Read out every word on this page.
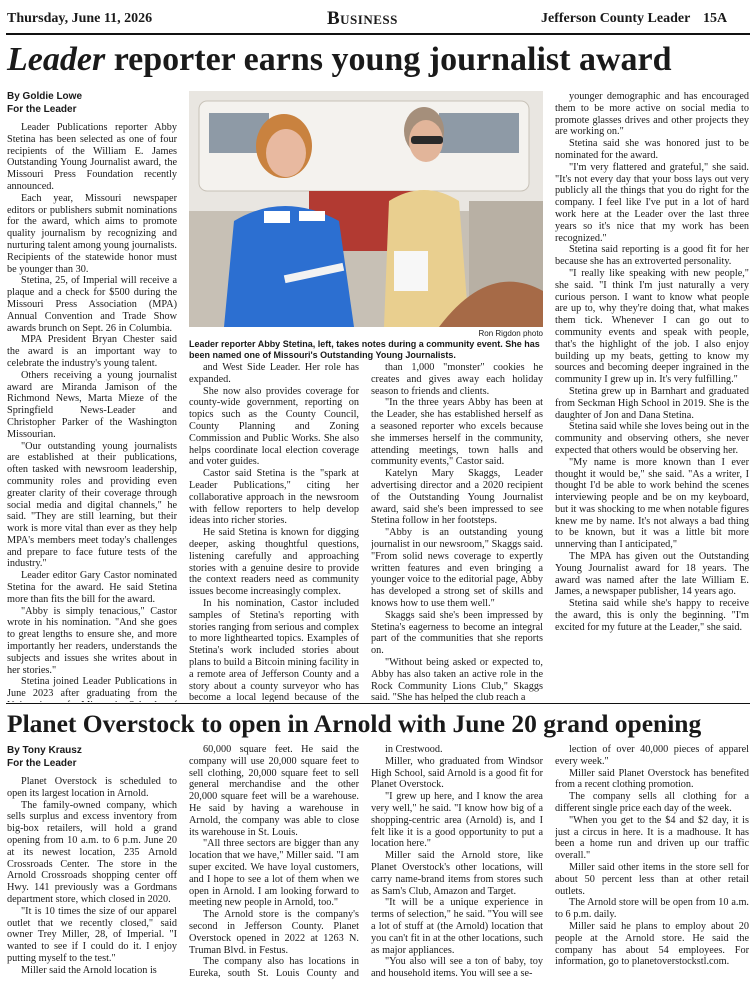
Thursday, June 11, 2026	Business	Jefferson County Leader 15A
Leader reporter earns young journalist award
By Goldie Lowe
For the Leader

Leader Publications reporter Abby Stetina has been selected as one of four recipients of the William E. James Outstanding Young Journalist award, the Missouri Press Foundation recently announced.

Each year, Missouri newspaper editors or publishers submit nominations for the award, which aims to promote quality journalism by recognizing and nurturing talent among young journalists. Recipients of the statewide honor must be younger than 30.

Stetina, 25, of Imperial will receive a plaque and a check for $500 during the Missouri Press Association (MPA) Annual Convention and Trade Show awards brunch on Sept. 26 in Columbia.

MPA President Bryan Chester said the award is an important way to celebrate the industry's young talent.

Others receiving a young journalist award are Miranda Jamison of the Richmond News, Marta Mieze of the Springfield News-Leader and Christopher Parker of the Washington Missourian.

"Our outstanding young journalists are established at their publications, often tasked with newsroom leadership, community roles and providing even greater clarity of their coverage through social media and digital channels," he said. "They are still learning, but their work is more vital than ever as they help MPA's members meet today's challenges and prepare to face future tests of the industry."

Leader editor Gary Castor nominated Stetina for the award. He said Stetina more than fits the bill for the award.

"Abby is simply tenacious," Castor wrote in his nomination. "And she goes to great lengths to ensure she, and more importantly her readers, understands the subjects and issues she writes about in her stories."

Stetina joined Leader Publications in June 2023 after graduating from the

Ron Rigdon photo
Leader reporter Abby Stetina, left, takes notes during a community event. She has been named one of Missouri's Outstanding Young Journalists.

and West Side Leader. Her role has expanded.

She now also provides coverage for county-wide government, reporting on topics such as the County Council, County Planning and Zoning Commission and Public Works. She also helps coordinate local election coverage and voter guides.

Castor said Stetina is the "spark at Leader Publications," citing her collaborative approach in the newsroom with fellow reporters to help develop ideas into richer stories.

He said Stetina is known for digging deeper, asking thoughtful questions, listening carefully and approaching stories with a genuine desire to provide the context readers need as community issues become increasingly complex.

In his nomination, Castor included samples of Stetina's reporting with stories ranging from serious and complex to more lighthearted topics. Examples of Stetina's work included stories about plans to build a Bitcoin mining facility in a remote area of Jefferson County and a story about a county surveyor who has become a local legend because of the

than 1,000 "monster" cookies he creates and gives away each holiday season to friends and clients.

"In the three years Abby has been at the Leader, she has established herself as a seasoned reporter who excels because she immerses herself in the community, attending meetings, town halls and community events," Castor said.

Katelyn Mary Skaggs, Leader advertising director and a 2020 recipient of the Outstanding Young Journalist award, said she's been impressed to see Stetina follow in her footsteps.

"Abby is an outstanding young journalist in our newsroom," Skaggs said. "From solid news coverage to expertly written features and even bringing a younger voice to the editorial page, Abby has developed a strong set of skills and knows how to use them well."

Skaggs said she's been impressed by Stetina's eagerness to become an integral part of the communities that she reports on.

"Without being asked or expected to, Abby has also taken an active role in the Rock Community Lions Club," Skaggs said. "She has helped the club reach a

younger demographic and has encouraged them to be more active on social media to promote glasses drives and other projects they are working on."

Stetina said she was honored just to be nominated for the award.

"I'm very flattered and grateful," she said. "It's not every day that your boss lays out very publicly all the things that you do right for the company. I feel like I've put in a lot of hard work here at the Leader over the last three years so it's nice that my work has been recognized."

Stetina said reporting is a good fit for her because she has an extroverted personality.

"I really like speaking with new people," she said. "I think I'm just naturally a very curious person. I want to know what people are up to, why they're doing that, what makes them tick. Whenever I can go out to community events and speak with people, that's the highlight of the job. I also enjoy building up my beats, getting to know my sources and becoming deeper ingrained in the community I grew up in. It's very fulfilling."

Stetina grew up in Barnhart and graduated from Seckman High School in 2019. She is the daughter of Jon and Dana Stetina.

Stetina said while she loves being out in the community and observing others, she never expected that others would be observing her.

"My name is more known than I ever thought it would be," she said. "As a writer, I thought I'd be able to work behind the scenes interviewing people and be on my keyboard, but it was shocking to me when notable figures knew me by name. It's not always a bad thing to be known, but it was a little bit more unnerving than I anticipated,"

The MPA has given out the Outstanding Young Journalist award for 18 years. The award was named after the late William E. James, a newspaper publisher, 14 years ago.

Stetina said while she's happy to receive the award, this is only the beginning. "I'm excited for my future at the Leader," she said.

Planet Overstock to open in Arnold with June 20 grand opening
By Tony Krausz
For the Leader

Planet Overstock is scheduled to open its largest location in Arnold.

The family-owned company, which sells surplus and excess inventory from big-box retailers, will hold a grand opening from 10 a.m. to 6 p.m. June 20 at its newest location, 235 Arnold Crossroads Center. The store in the Arnold Crossroads shopping center off Hwy. 141 previously was a Gordmans department store, which closed in 2020.

"It is 10 times the size of our apparel outlet that we recently closed," said owner Trey Miller, 28, of Imperial. "I wanted to see if I could do it. I enjoy putting myself to the test."

Miller said the Arnold location is

60,000 square feet. He said the company will use 20,000 square feet to sell clothing, 20,000 square feet to sell general merchandise and the other 20,000 square feet will be a warehouse. He said by having a warehouse in Arnold, the company was able to close its warehouse in St. Louis.

"All three sectors are bigger than any location that we have," Miller said. "I am super excited. We have loyal customers, and I hope to see a lot of them when we open in Arnold. I am looking forward to meeting new people in Arnold, too."

The Arnold store is the company's second in Jefferson County. Planet Overstock opened in 2022 at 1263 N. Truman Blvd. in Festus.

The company also has locations in Eureka, south St. Louis County and

in Crestwood.

Miller, who graduated from Windsor High School, said Arnold is a good fit for Planet Overstock.

"I grew up here, and I know the area very well," he said. "I know how big of a shopping-centric area (Arnold) is, and I felt like it is a good opportunity to put a location here."

Miller said the Arnold store, like Planet Overstock's other locations, will carry name-brand items from stores such as Sam's Club, Amazon and Target.

"It will be a unique experience in terms of selection," he said. "You will see a lot of stuff at (the Arnold) location that you can't fit in at the other locations, such as major appliances.

"You also will see a ton of baby, toy and household items. You will see a se-

lection of over 40,000 pieces of apparel every week."

Miller said Planet Overstock has benefited from a recent clothing promotion.

The company sells all clothing for a different single price each day of the week.

"When you get to the $4 and $2 day, it is just a circus in here. It is a madhouse. It has been a home run and driven up our traffic overall."

Miller said other items in the store sell for about 50 percent less than at other retail outlets.

The Arnold store will be open from 10 a.m. to 6 p.m. daily.

Miller said he plans to employ about 20 people at the Arnold store. He said the company has about 54 employees. For information, go to planetoverstockstl.com.
